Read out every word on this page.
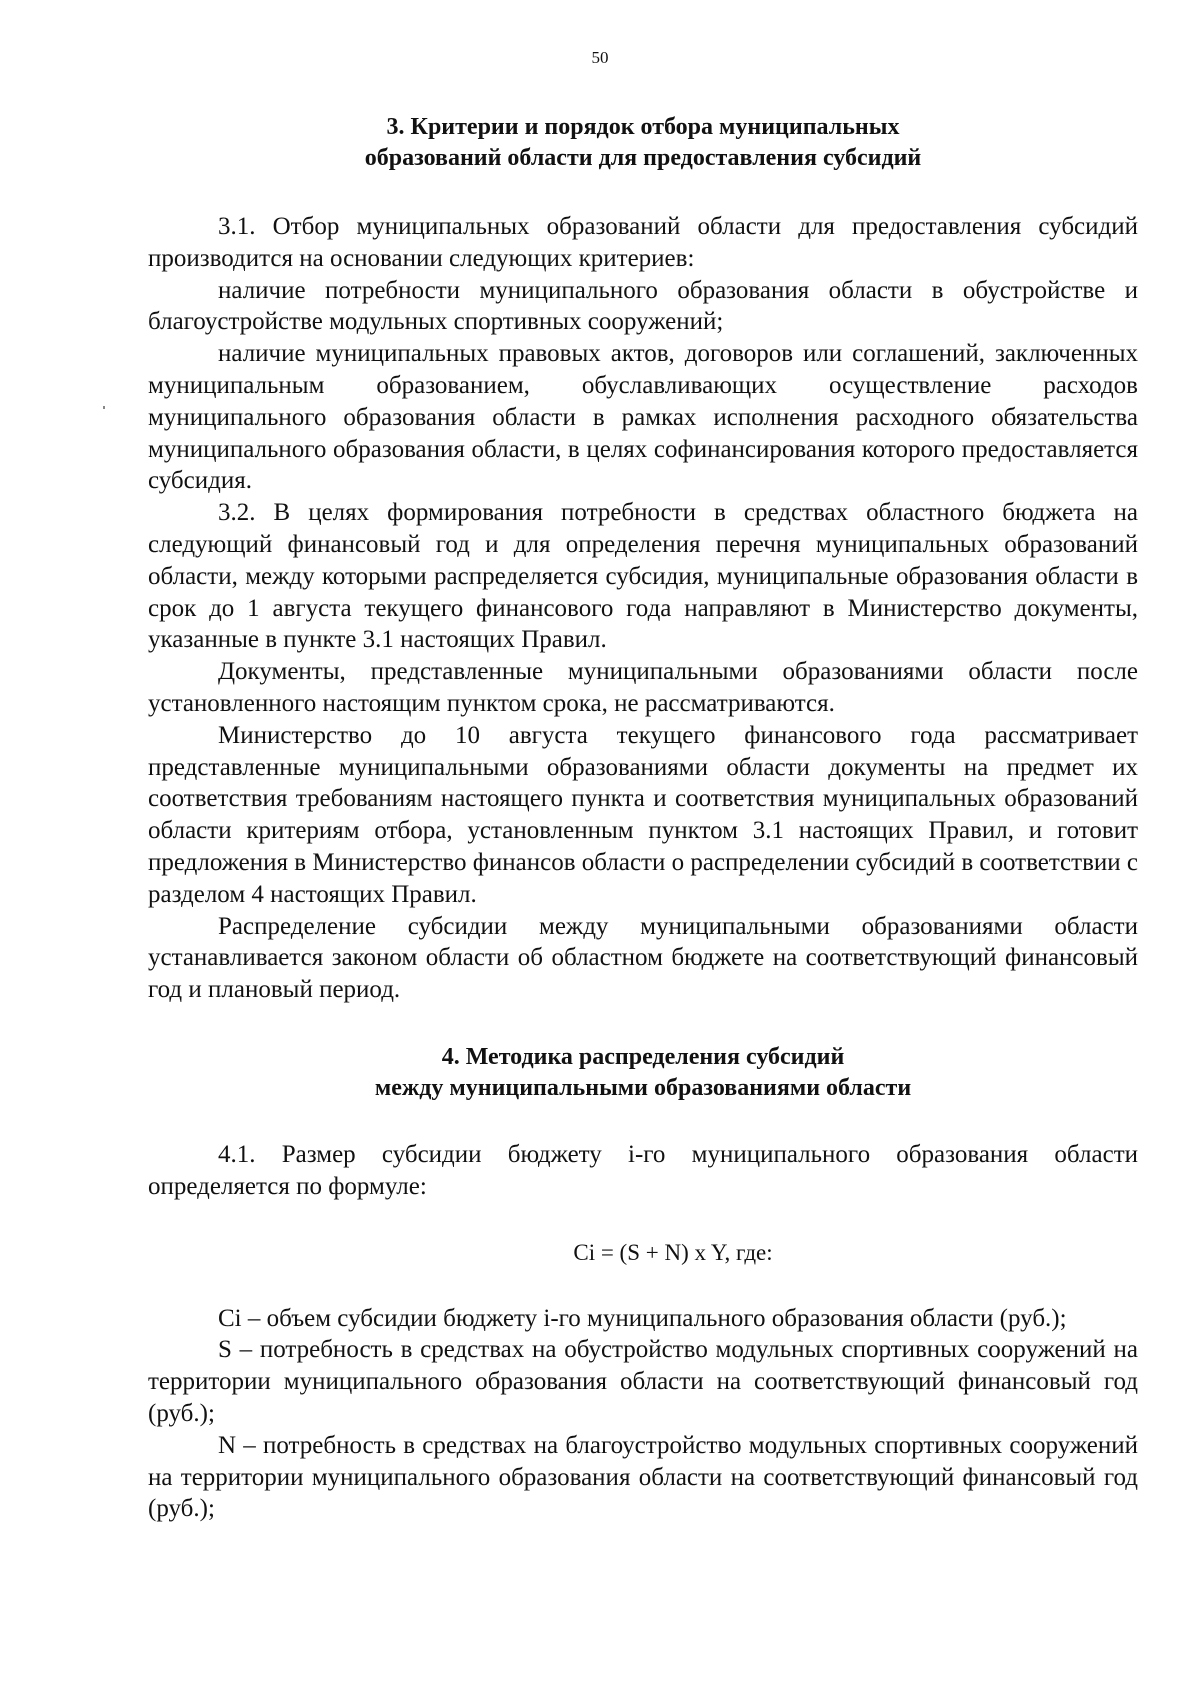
50
3. Критерии и порядок отбора муниципальных
образований области для предоставления субсидий

3.1. Отбор муниципальных образований области для предоставления субсидий производится на основании следующих критериев:

наличие потребности муниципального образования области в обустройстве и благоустройстве модульных спортивных сооружений;

наличие муниципальных правовых актов, договоров или соглашений, заключенных муниципальным образованием, обуславливающих осуществление расходов муниципального образования области в рамках исполнения расходного обязательства муниципального образования области, в целях софинансирования которого предоставляется субсидия.

3.2. В целях формирования потребности в средствах областного бюджета на следующий финансовый год и для определения перечня муниципальных образований области, между которыми распределяется субсидия, муниципальные образования области в срок до 1 августа текущего финансового года направляют в Министерство документы, указанные в пункте 3.1 настоящих Правил.

Документы, представленные муниципальными образованиями области после установленного настоящим пунктом срока, не рассматриваются.

Министерство до 10 августа текущего финансового года рассматривает представленные муниципальными образованиями области документы на предмет их соответствия требованиям настоящего пункта и соответствия муниципальных образований области критериям отбора, установленным пунктом 3.1 настоящих Правил, и готовит предложения в Министерство финансов области о распределении субсидий в соответствии с разделом 4 настоящих Правил.

Распределение субсидии между муниципальными образованиями области устанавливается законом области об областном бюджете на соответствующий финансовый год и плановый период.

4. Методика распределения субсидий
между муниципальными образованиями области

4.1. Размер субсидии бюджету i-го муниципального образования области определяется по формуле:

Ci = (S + N) x Y, где:

Ci – объем субсидии бюджету i-го муниципального образования области (руб.);

S – потребность в средствах на обустройство модульных спортивных сооружений на территории муниципального образования области на соответствующий финансовый год (руб.);

N – потребность в средствах на благоустройство модульных спортивных сооружений на территории муниципального образования области на соответствующий финансовый год (руб.);
